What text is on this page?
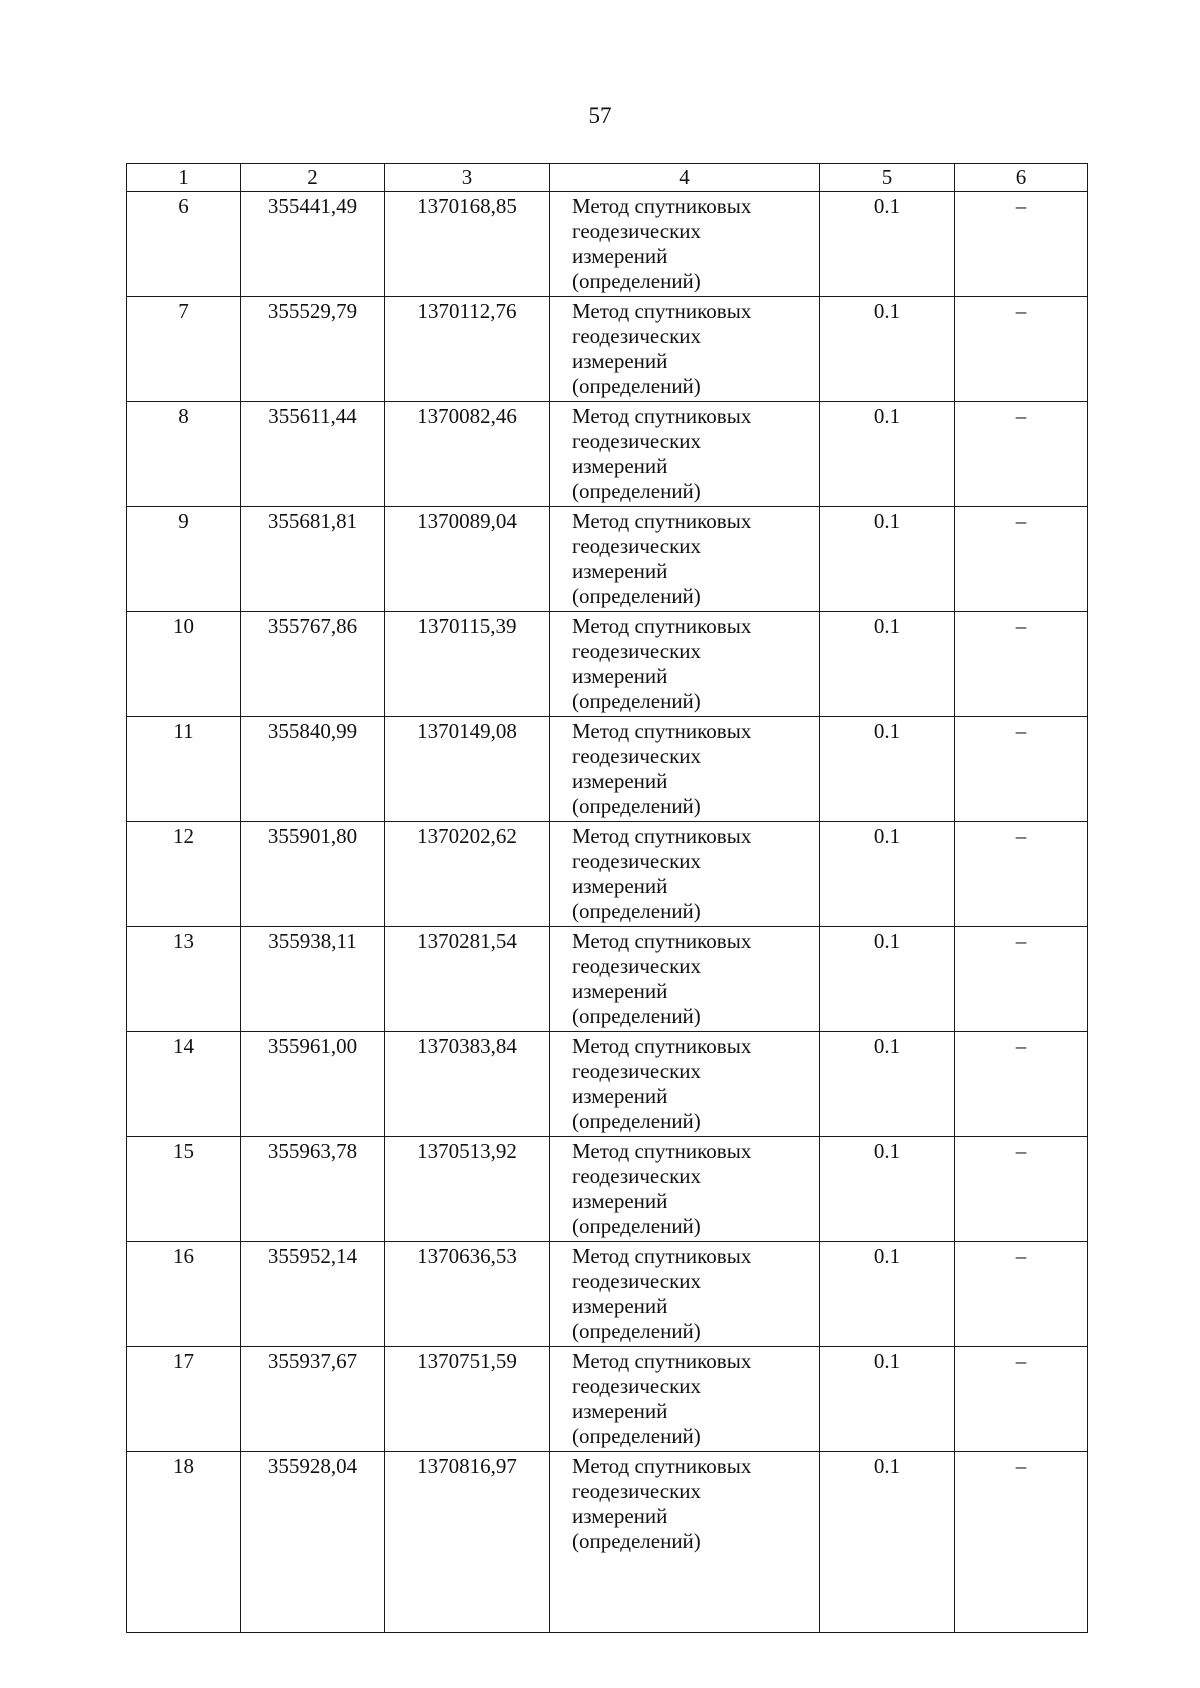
57
1	2	3	4	5	6
6	355441,49	1370168,85	Метод спутниковых
геодезических
измерений
(определений)	0.1	–
7	355529,79	1370112,76	Метод спутниковых
геодезических
измерений
(определений)	0.1	–
8	355611,44	1370082,46	Метод спутниковых
геодезических
измерений
(определений)	0.1	–
9	355681,81	1370089,04	Метод спутниковых
геодезических
измерений
(определений)	0.1	–
10	355767,86	1370115,39	Метод спутниковых
геодезических
измерений
(определений)	0.1	–
11	355840,99	1370149,08	Метод спутниковых
геодезических
измерений
(определений)	0.1	–
12	355901,80	1370202,62	Метод спутниковых
геодезических
измерений
(определений)	0.1	–
13	355938,11	1370281,54	Метод спутниковых
геодезических
измерений
(определений)	0.1	–
14	355961,00	1370383,84	Метод спутниковых
геодезических
измерений
(определений)	0.1	–
15	355963,78	1370513,92	Метод спутниковых
геодезических
измерений
(определений)	0.1	–
16	355952,14	1370636,53	Метод спутниковых
геодезических
измерений
(определений)	0.1	–
17	355937,67	1370751,59	Метод спутниковых
геодезических
измерений
(определений)	0.1	–
18	355928,04	1370816,97	Метод спутниковых
геодезических
измерений
(определений)	0.1	–
